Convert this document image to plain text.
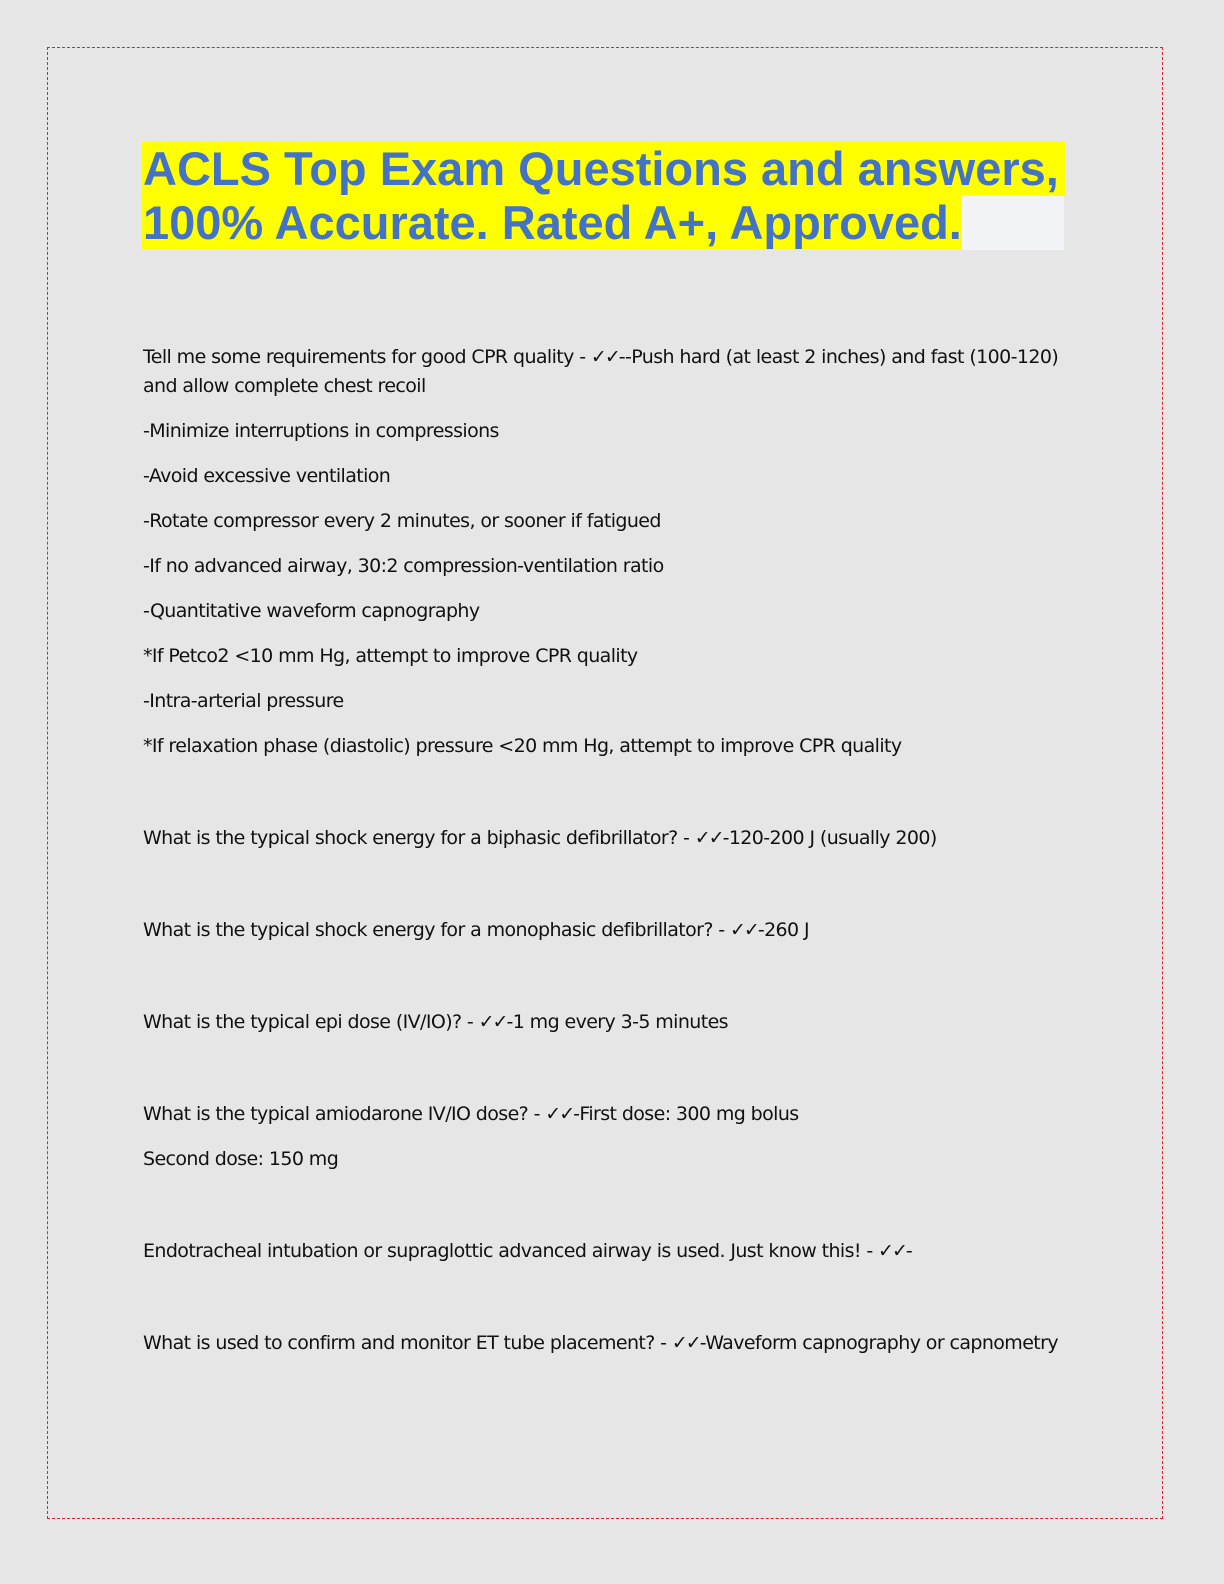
ACLS Top Exam Questions and answers,
100% Accurate. Rated A+, Approved.

Tell me some requirements for good CPR quality - ✓✓--Push hard (at least 2 inches) and fast (100-120) and allow complete chest recoil

-Minimize interruptions in compressions

-Avoid excessive ventilation

-Rotate compressor every 2 minutes, or sooner if fatigued

-If no advanced airway, 30:2 compression-ventilation ratio

-Quantitative waveform capnography

*If Petco2 <10 mm Hg, attempt to improve CPR quality

-Intra-arterial pressure

*If relaxation phase (diastolic) pressure <20 mm Hg, attempt to improve CPR quality

What is the typical shock energy for a biphasic defibrillator? - ✓✓-120-200 J (usually 200)

What is the typical shock energy for a monophasic defibrillator? - ✓✓-260 J

What is the typical epi dose (IV/IO)? - ✓✓-1 mg every 3-5 minutes

What is the typical amiodarone IV/IO dose? - ✓✓-First dose: 300 mg bolus

Second dose: 150 mg

Endotracheal intubation or supraglottic advanced airway is used. Just know this! - ✓✓-

What is used to confirm and monitor ET tube placement? - ✓✓-Waveform capnography or capnometry
